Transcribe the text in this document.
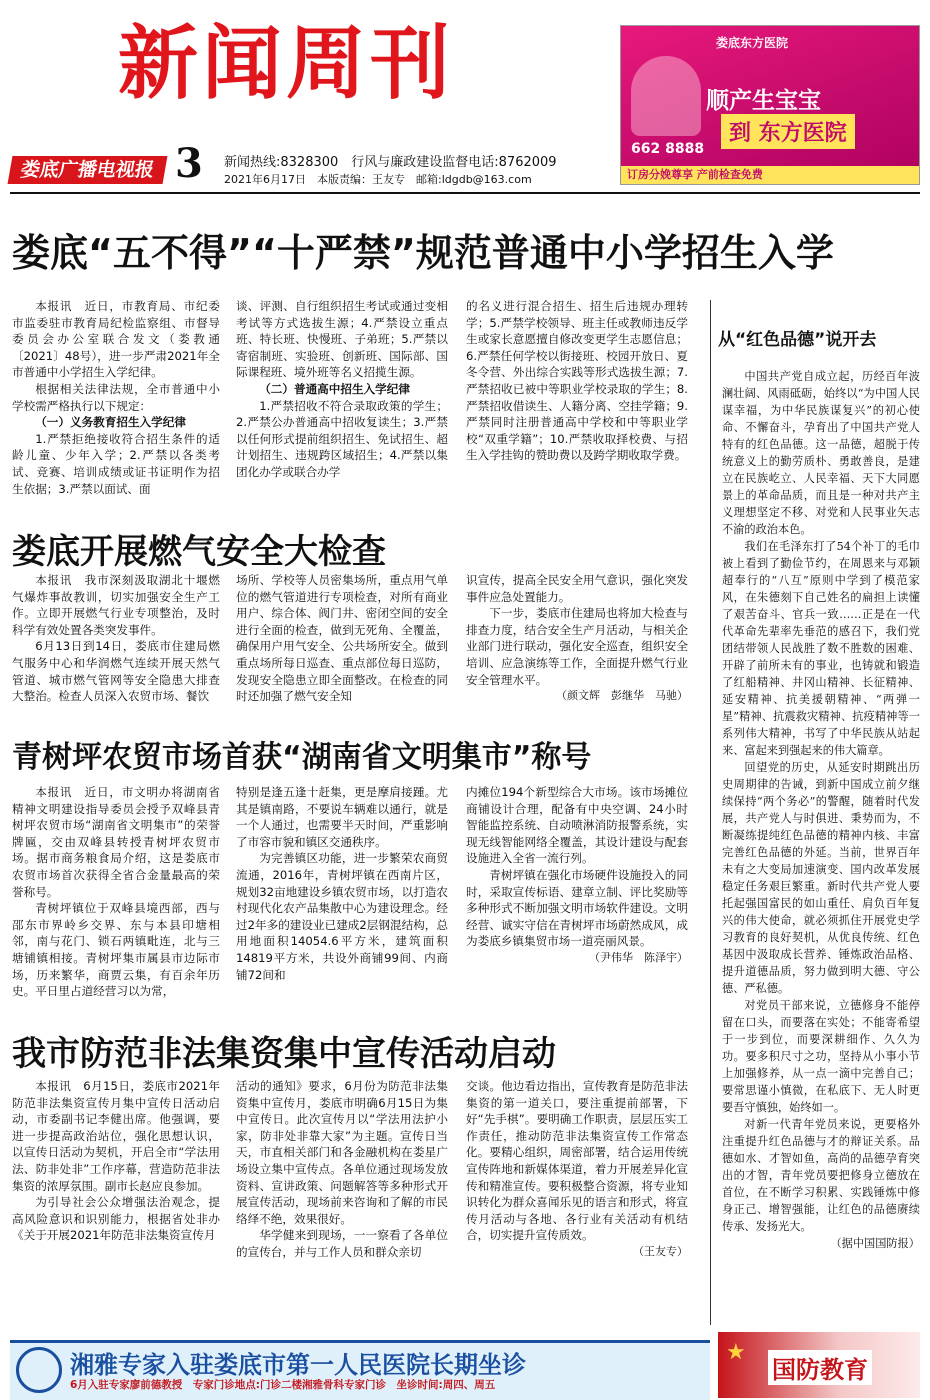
新闻周刊
娄底广播电视报 3 新闻热线:8328300　行风与廉政建设监督电话:8762009
2021年6月17日　本版责编：王友专　邮箱:ldgdb@163.com
娄底东方医院
顺产生宝宝
到 东方医院
662 8888
订房分娩尊享 产前检查免费
娄底“五不得”“十严禁”规范普通中小学招生入学

本报讯　近日，市教育局、市纪委市监委驻市教育局纪检监察组、市督导委员会办公室联合发文（娄教通〔2021〕48号），进一步严肃2021年全市普通中小学招生入学纪律。

根据相关法律法规，全市普通中小学校需严格执行以下规定：

（一）义务教育招生入学纪律

1.严禁拒绝接收符合招生条件的适龄儿童、少年入学；2.严禁以各类考试、竞赛、培训成绩或证书证明作为招生依据；3.严禁以面试、面

谈、评测、自行组织招生考试或通过变相考试等方式选拔生源；4.严禁设立重点班、特长班、快慢班、子弟班；5.严禁以寄宿制班、实验班、创新班、国际部、国际课程班、境外班等名义招揽生源。

（二）普通高中招生入学纪律

1.严禁招收不符合录取政策的学生；2.严禁公办普通高中招收复读生；3.严禁以任何形式提前组织招生、免试招生、超计划招生、违规跨区域招生；4.严禁以集团化办学或联合办学

的名义进行混合招生、招生后违规办理转学；5.严禁学校领导、班主任或教师违反学生或家长意愿擅自修改变更学生志愿信息；6.严禁任何学校以街接班、校园开放日、夏冬令营、外出综合实践等形式选拔生源；7.严禁招收已被中等职业学校录取的学生；8.严禁招收借读生、人籍分离、空挂学籍；9.严禁同时注册普通高中学校和中等职业学校“双重学籍”；10.严禁收取择校费、与招生入学挂钩的赞助费以及跨学期收取学费。

娄底开展燃气安全大检查

本报讯　我市深刻汲取湖北十堰燃气爆炸事故教训，切实加强安全生产工作。立即开展燃气行业专项整治，及时科学有效处置各类突发事件。

6月13日到14日，娄底市住建局燃气服务中心和华润燃气连续开展天然气管道、城市燃气管网等安全隐患大排查大整治。检查人员深入农贸市场、餐饮

场所、学校等人员密集场所，重点用气单位的燃气管道进行专项检查，对所有商业用户、综合体、阀门井、密闭空间的安全进行全面的检查，做到无死角、全覆盖，确保用户用气安全、公共场所安全。做到重点场所每日巡查、重点部位每日巡防，发现安全隐患立即全面整改。在检查的同时还加强了燃气安全知

识宣传，提高全民安全用气意识，强化突发事件应急处置能力。

下一步，娄底市住建局也将加大检查与排查力度，结合安全生产月活动，与相关企业部门进行联动，强化安全巡查，组织安全培训、应急演练等工作，全面提升燃气行业安全管理水平。

（颜文辉　彭继华　马驰）

青树坪农贸市场首获“湖南省文明集市”称号

本报讯　近日，市文明办将湖南省精神文明建设指导委员会授予双峰县青树坪农贸市场“湖南省文明集市”的荣誉牌匾，交由双峰县转授青树坪农贸市场。据市商务粮食局介绍，这是娄底市农贸市场首次获得全省合金量最高的荣誉称号。

青树坪镇位于双峰县境西部，西与邵东市界岭乡交界、东与本县印塘相邻，南与花门、锁石两镇毗连，北与三塘铺镇相接。青树坪集市属县市边际市场，历来繁华，商贾云集，有百余年历史。平日里占道经营习以为常，

特别是逢五逢十赶集，更是摩肩接踵。尤其是镇南路，不要说车辆难以通行，就是一个人通过，也需要半天时间，严重影响了市容市貌和镇区交通秩序。

为完善镇区功能，进一步繁荣农商贸流通，2016年，青树坪镇在西南片区，规划32亩地建设乡镇农贸市场，以打造农村现代化农产品集散中心为建设理念。经过2年多的建设业已建成2层钢混结构，总用地面积14054.6平方米，建筑面积14819平方米，共设外商铺99间、内商铺72间和

内摊位194个新型综合大市场。该市场摊位商铺设计合理，配备有中央空调、24小时智能监控系统、自动喷淋消防报警系统，实现无线智能网络全覆盖，其设计建设与配套设施进入全省一流行列。

青树坪镇在强化市场硬件设施投入的同时，采取宣传标语、建章立制、评比奖励等多种形式不断加强文明市场软件建设。文明经营、诚实守信在青树坪市场蔚然成风，成为娄底乡镇集贸市场一道亮丽风景。

（尹伟华　陈泽宇）

我市防范非法集资集中宣传活动启动

本报讯　6月15日，娄底市2021年防范非法集资宣传月集中宣传日活动启动，市委副书记李健出席。他强调，要进一步提高政治站位，强化思想认识，以宣传日活动为契机，开启全市“学法用法、防非处非”工作序幕，营造防范非法集资的浓厚氛围。副市长赵应良参加。

为引导社会公众增强法治观念，提高风险意识和识别能力，根据省处非办《关于开展2021年防范非法集资宣传月

活动的通知》要求，6月份为防范非法集资集中宣传月，娄底市明确6月15日为集中宣传日。此次宣传月以“学法用法护小家，防非处非靠大家”为主题。宣传日当天，市直相关部门和各金融机构在娄星广场设立集中宣传点。各单位通过现场发放资料、宣讲政策、问题解答等多种形式开展宣传活动，现场前来咨询和了解的市民络绎不绝，效果很好。

华学健来到现场，一一察看了各单位的宣传台，并与工作人员和群众亲切

交谈。他边看边指出，宣传教育是防范非法集资的第一道关口，要注重提前部署，下好“先手棋”。要明确工作职责，层层压实工作责任，推动防范非法集资宣传工作常态化。要精心组织，周密部署，结合运用传统宣传阵地和新媒体渠道，着力开展差异化宣传和精准宣传。要积极整合资源，将专业知识转化为群众喜闻乐见的语言和形式，将宣传月活动与各地、各行业有关活动有机结合，切实提升宣传质效。

（王友专）

从“红色品德”说开去

中国共产党自成立起，历经百年波澜壮阔、风雨砥砺，始终以“为中国人民谋幸福，为中华民族谋复兴”的初心使命、不懈奋斗，孕育出了中国共产党人特有的红色品德。这一品德，超脱于传统意义上的勤劳质朴、勇敢善良，是建立在民族屹立、人民幸福、天下大同愿景上的革命品质，而且是一种对共产主义理想坚定不移、对党和人民事业矢志不渝的政治本色。

我们在毛泽东打了54个补丁的毛巾被上看到了勤俭节约，在周恩来与邓颖超奉行的“八互”原则中学到了模范家风，在朱德刻下自己姓名的扁担上读懂了艰苦奋斗、官兵一致……正是在一代代革命先辈率先垂范的感召下，我们党团结带领人民战胜了数不胜数的困难、开辟了前所未有的事业，也铸就和锻造了红船精神、井冈山精神、长征精神、延安精神、抗美援朝精神、“两弹一星”精神、抗震救灾精神、抗疫精神等一系列伟大精神，书写了中华民族从站起来、富起来到强起来的伟大篇章。

回望党的历史，从延安时期跳出历史周期律的告诫，到新中国成立前夕继续保持“两个务必”的警醒，随着时代发展，共产党人与时俱进、秉势而为，不断凝练提纯红色品德的精神内核、丰富完善红色品德的外延。当前，世界百年未有之大变局加速演变、国内改革发展稳定任务艰巨繁重。新时代共产党人要托起强国富民的如山重任、肩负百年复兴的伟大使命，就必须抓住开展党史学习教育的良好契机，从优良传统、红色基因中汲取成长营养、锤炼政治品格、提升道德品质，努力做到明大德、守公德、严私德。

对党员干部来说，立德修身不能停留在口头，而要落在实处；不能寄希望于一步到位，而要深耕细作、久久为功。要多积尺寸之功，坚持从小事小节上加强修养，从一点一滴中完善自己；要常思谨小慎微，在私底下、无人时更要吾守慎独，始终如一。

对新一代青年党员来说，更要格外注重提升红色品德与才的辩证关系。品德如水、才智如鱼，高尚的品德孕育突出的才智，青年党员要把修身立德放在首位，在不断学习积累、实践锤炼中修身正己、增智强能，让红色的品德赓续传承、发扬光大。

（据中国国防报）

★
国防教育
湘雅专家入驻娄底市第一人民医院长期坐诊
6月入驻专家廖前德教授　专家门诊地点:门诊二楼湘雅骨科专家门诊　坐诊时间:周四、周五
